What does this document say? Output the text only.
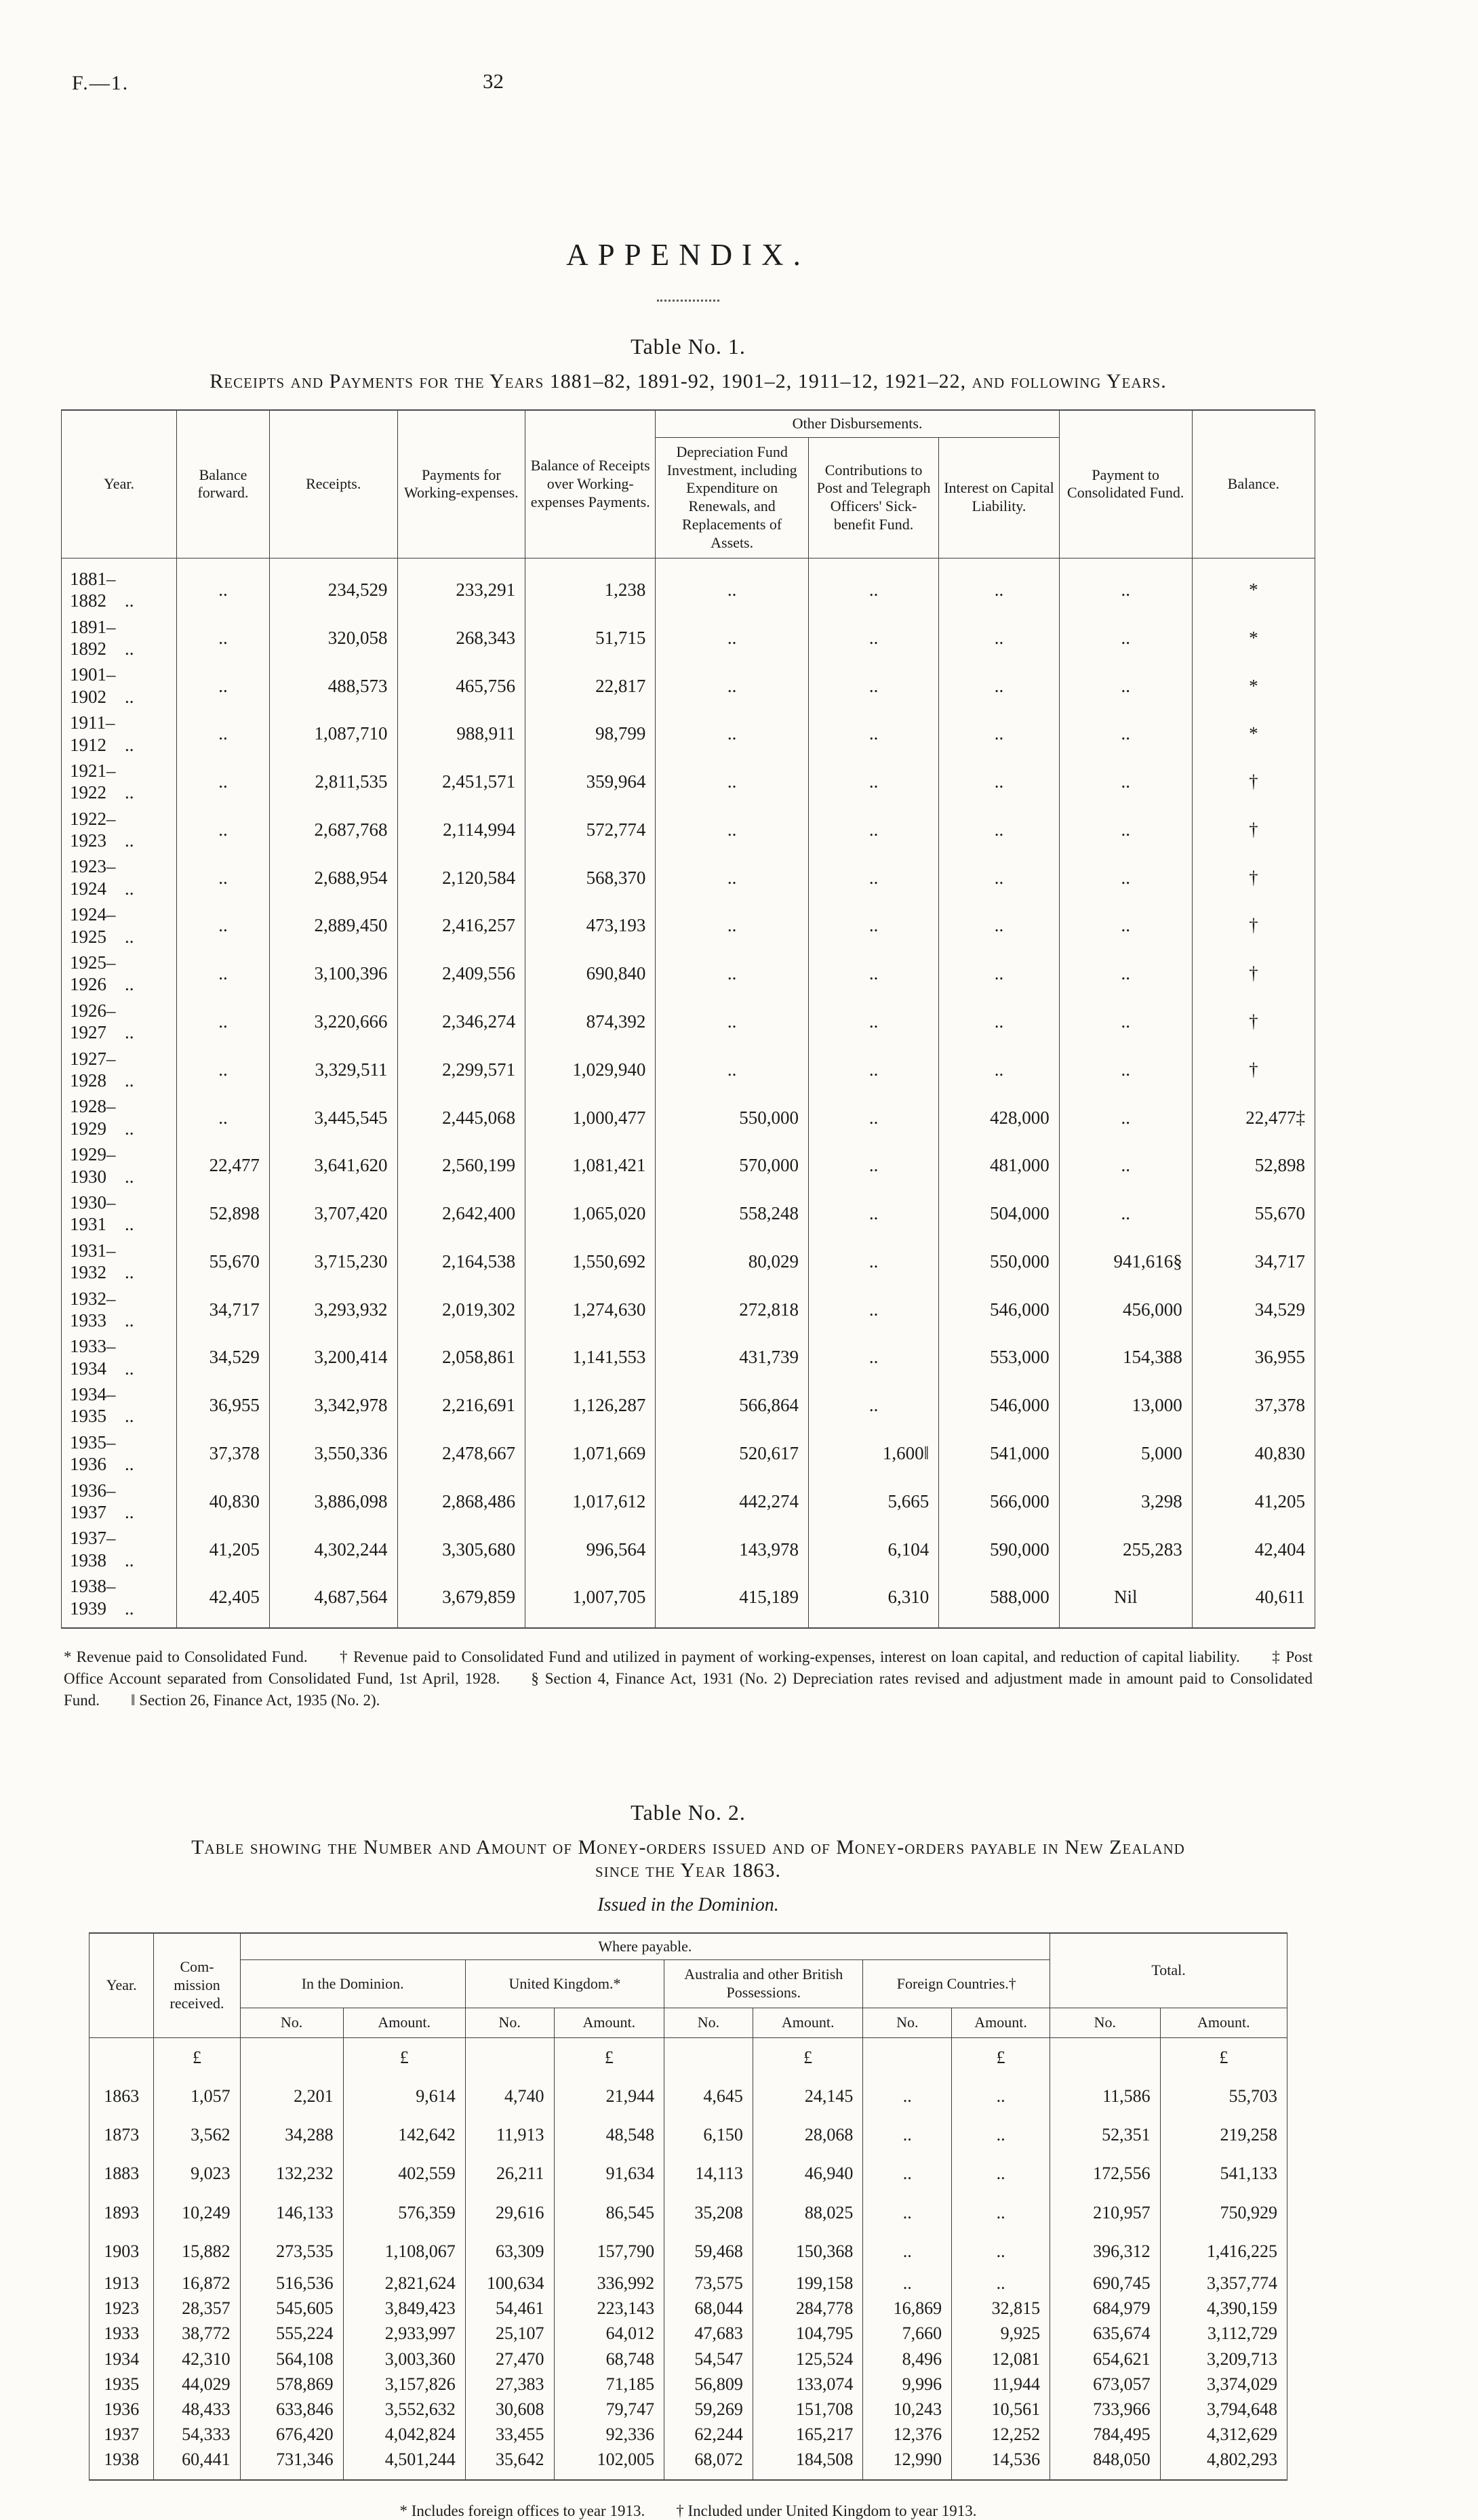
F.—1.	32
APPENDIX.
Table No. 1.

Receipts and Payments for the Years 1881–82, 1891-92, 1901–2, 1911–12, 1921–22, and following Years.

Year.	Balance forward.	Receipts.	Payments for Working-expenses.	Balance of Receipts over Working-expenses Payments.	Other Disbursements.			Payment to Consolidated Fund.	Balance.
					Depreciation Fund Investment, including Expenditure on Renewals, and Replacements of Assets.	Contributions to Post and Telegraph Officers' Sick-benefit Fund.	Interest on Capital Liability.		
1881–1882 ..	..	234,529	233,291	1,238	..	..	..	..	*
1891–1892 ..	..	320,058	268,343	51,715	..	..	..	..	*
1901–1902 ..	..	488,573	465,756	22,817	..	..	..	..	*
1911–1912 ..	..	1,087,710	988,911	98,799	..	..	..	..	*
1921–1922 ..	..	2,811,535	2,451,571	359,964	..	..	..	..	†
1922–1923 ..	..	2,687,768	2,114,994	572,774	..	..	..	..	†
1923–1924 ..	..	2,688,954	2,120,584	568,370	..	..	..	..	†
1924–1925 ..	..	2,889,450	2,416,257	473,193	..	..	..	..	†
1925–1926 ..	..	3,100,396	2,409,556	690,840	..	..	..	..	†
1926–1927 ..	..	3,220,666	2,346,274	874,392	..	..	..	..	†
1927–1928 ..	..	3,329,511	2,299,571	1,029,940	..	..	..	..	†
1928–1929 ..	..	3,445,545	2,445,068	1,000,477	550,000	..	428,000	..	22,477‡
1929–1930 ..	22,477	3,641,620	2,560,199	1,081,421	570,000	..	481,000	..	52,898
1930–1931 ..	52,898	3,707,420	2,642,400	1,065,020	558,248	..	504,000	..	55,670
1931–1932 ..	55,670	3,715,230	2,164,538	1,550,692	80,029	..	550,000	941,616§	34,717
1932–1933 ..	34,717	3,293,932	2,019,302	1,274,630	272,818	..	546,000	456,000	34,529
1933–1934 ..	34,529	3,200,414	2,058,861	1,141,553	431,739	..	553,000	154,388	36,955
1934–1935 ..	36,955	3,342,978	2,216,691	1,126,287	566,864	..	546,000	13,000	37,378
1935–1936 ..	37,378	3,550,336	2,478,667	1,071,669	520,617	1,600‖	541,000	5,000	40,830
1936–1937 ..	40,830	3,886,098	2,868,486	1,017,612	442,274	5,665	566,000	3,298	41,205
1937–1938 ..	41,205	4,302,244	3,305,680	996,564	143,978	6,104	590,000	255,283	42,404
1938–1939 ..	42,405	4,687,564	3,679,859	1,007,705	415,189	6,310	588,000	Nil	40,611

* Revenue paid to Consolidated Fund.  † Revenue paid to Consolidated Fund and utilized in payment of working-expenses, interest on loan capital, and reduction of capital liability.  ‡ Post Office Account separated from Consolidated Fund, 1st April, 1928.  § Section 4, Finance Act, 1931 (No. 2) Depreciation rates revised and adjustment made in amount paid to Consolidated Fund.  ‖ Section 26, Finance Act, 1935 (No. 2).

Table No. 2.

Table showing the Number and Amount of Money-orders issued and of Money-orders payable in New Zealand since the Year 1863.

Issued in the Dominion.

Year.	Com-mission received.	Where payable.								Total.	
		In the Dominion.		United Kingdom.*		Australia and other British Possessions.		Foreign Countries.†			
		No.	Amount.	No.	Amount.	No.	Amount.	No.	Amount.	No.	Amount.
	£		£		£		£		£		£
1863	1,057	2,201	9,614	4,740	21,944	4,645	24,145	..	..	11,586	55,703
1873	3,562	34,288	142,642	11,913	48,548	6,150	28,068	..	..	52,351	219,258
1883	9,023	132,232	402,559	26,211	91,634	14,113	46,940	..	..	172,556	541,133
1893	10,249	146,133	576,359	29,616	86,545	35,208	88,025	..	..	210,957	750,929
1903	15,882	273,535	1,108,067	63,309	157,790	59,468	150,368	..	..	396,312	1,416,225
1913	16,872	516,536	2,821,624	100,634	336,992	73,575	199,158	..	..	690,745	3,357,774
1923	28,357	545,605	3,849,423	54,461	223,143	68,044	284,778	16,869	32,815	684,979	4,390,159
1933	38,772	555,224	2,933,997	25,107	64,012	47,683	104,795	7,660	9,925	635,674	3,112,729
1934	42,310	564,108	3,003,360	27,470	68,748	54,547	125,524	8,496	12,081	654,621	3,209,713
1935	44,029	578,869	3,157,826	27,383	71,185	56,809	133,074	9,996	11,944	673,057	3,374,029
1936	48,433	633,846	3,552,632	30,608	79,747	59,269	151,708	10,243	10,561	733,966	3,794,648
1937	54,333	676,420	4,042,824	33,455	92,336	62,244	165,217	12,376	12,252	784,495	4,312,629
1938	60,441	731,346	4,501,244	35,642	102,005	68,072	184,508	12,990	14,536	848,050	4,802,293

* Includes foreign offices to year 1913.  † Included under United Kingdom to year 1913.
